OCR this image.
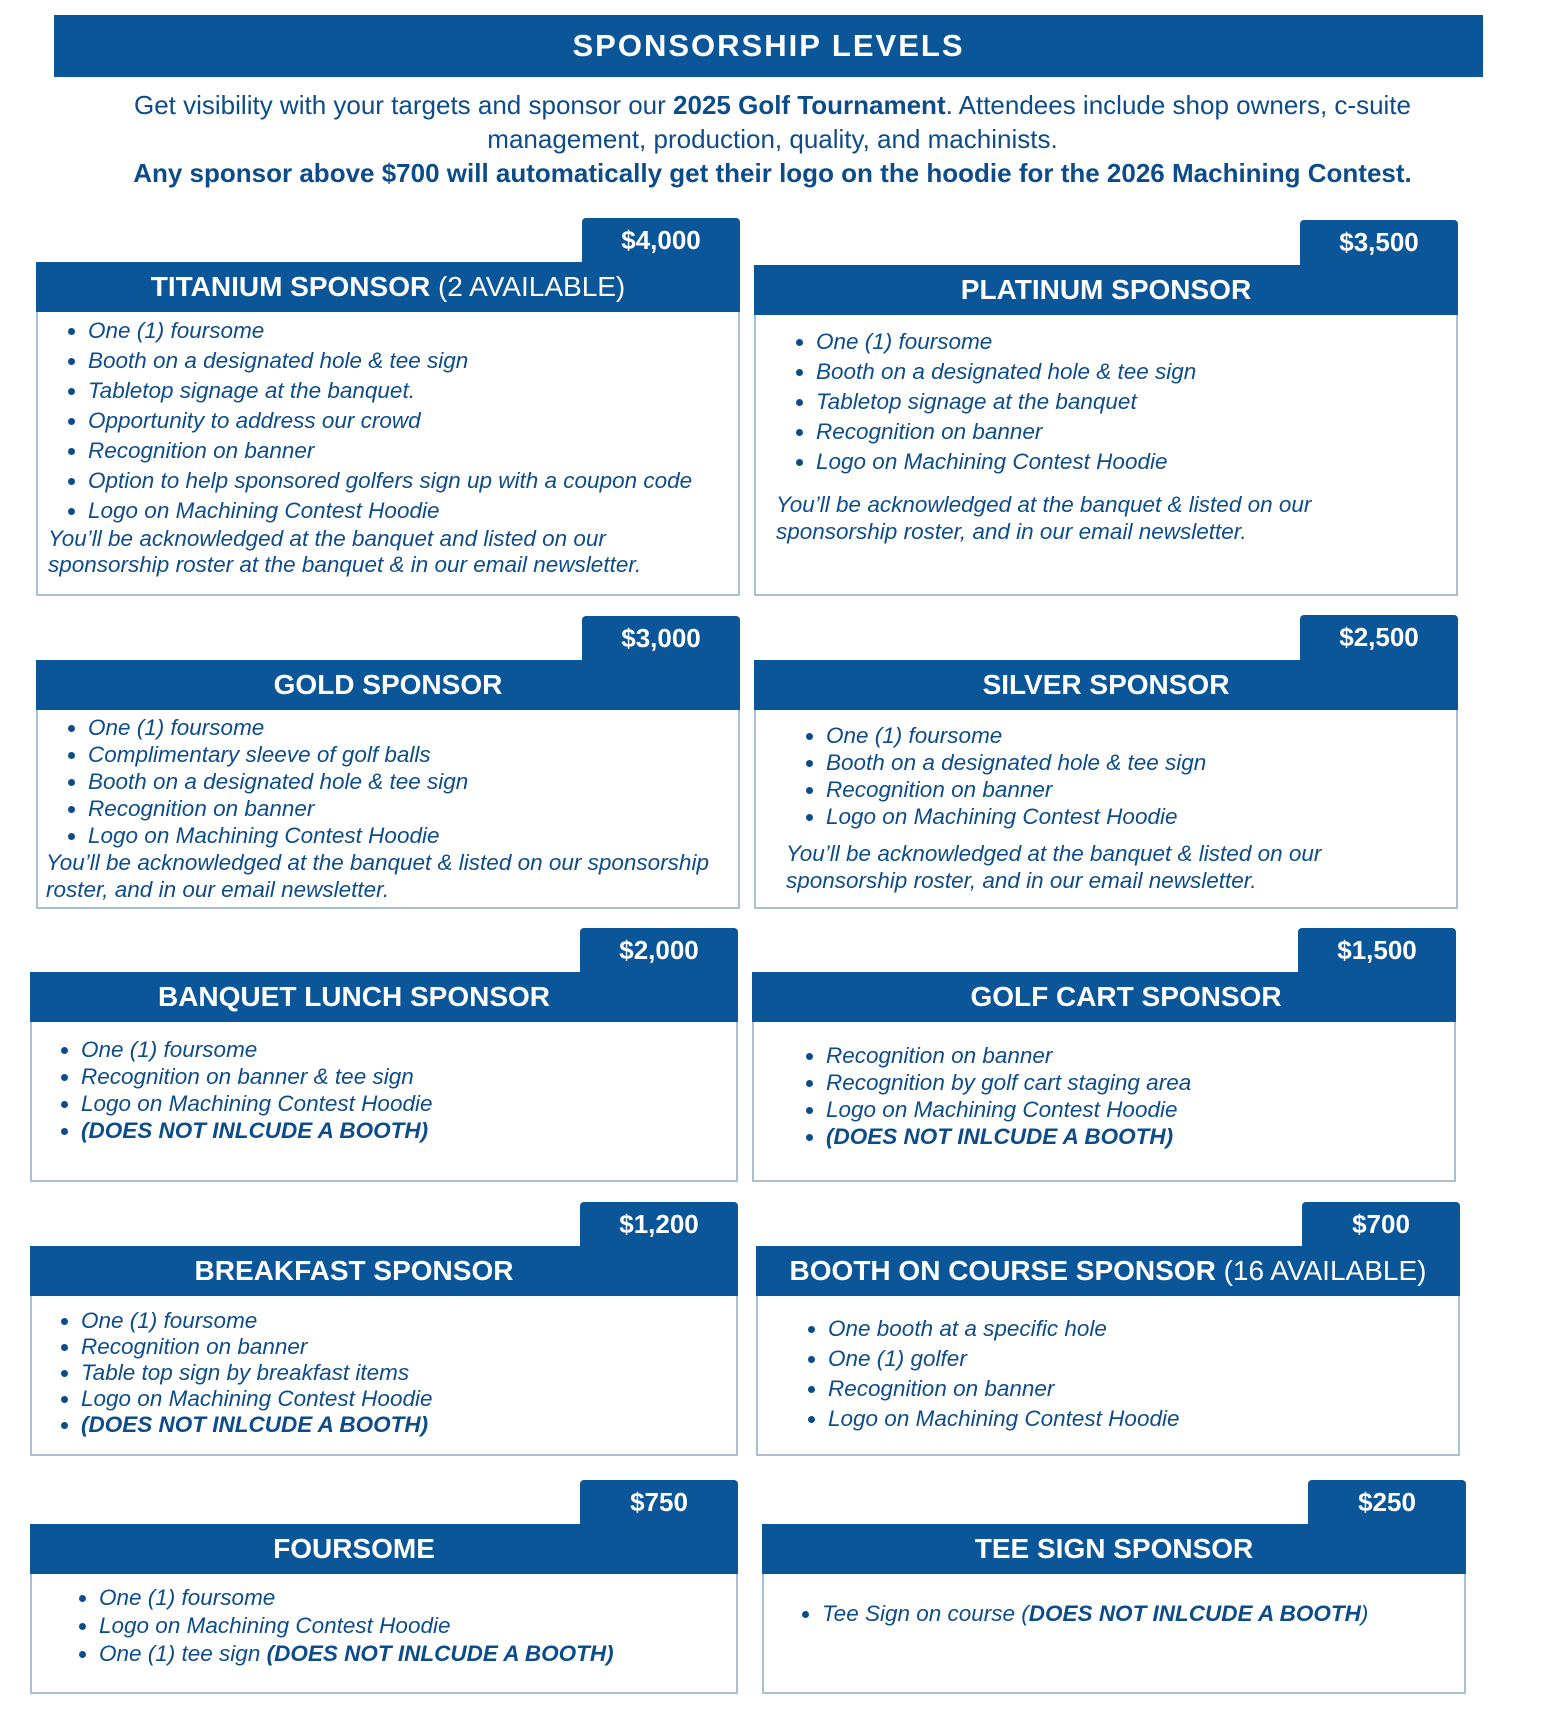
SPONSORSHIP LEVELS
Get visibility with your targets and sponsor our 2025 Golf Tournament. Attendees include shop owners, c-suite management, production, quality, and machinists.
Any sponsor above $700 will automatically get their logo on the hoodie for the 2026 Machining Contest.
$4,000
TITANIUM SPONSOR (2 AVAILABLE)
• One (1) foursome
• Booth on a designated hole & tee sign
• Tabletop signage at the banquet.
• Opportunity to address our crowd
• Recognition on banner
• Option to help sponsored golfers sign up with a coupon code
• Logo on Machining Contest Hoodie

You’ll be acknowledged at the banquet and listed on our sponsorship roster at the banquet & in our email newsletter.

$3,500
PLATINUM SPONSOR
• One (1) foursome
• Booth on a designated hole & tee sign
• Tabletop signage at the banquet
• Recognition on banner
• Logo on Machining Contest Hoodie

You’ll be acknowledged at the banquet & listed on our sponsorship roster, and in our email newsletter.

$3,000
GOLD SPONSOR
• One (1) foursome
• Complimentary sleeve of golf balls
• Booth on a designated hole & tee sign
• Recognition on banner
• Logo on Machining Contest Hoodie

You’ll be acknowledged at the banquet & listed on our sponsorship roster, and in our email newsletter.

$2,500
SILVER SPONSOR
• One (1) foursome
• Booth on a designated hole & tee sign
• Recognition on banner
• Logo on Machining Contest Hoodie

You’ll be acknowledged at the banquet & listed on our sponsorship roster, and in our email newsletter.

$2,000
BANQUET LUNCH SPONSOR
• One (1) foursome
• Recognition on banner & tee sign
• Logo on Machining Contest Hoodie
• (DOES NOT INLCUDE A BOOTH)
$1,500
GOLF CART SPONSOR
• Recognition on banner
• Recognition by golf cart staging area
• Logo on Machining Contest Hoodie
• (DOES NOT INLCUDE A BOOTH)
$1,200
BREAKFAST SPONSOR
• One (1) foursome
• Recognition on banner
• Table top sign by breakfast items
• Logo on Machining Contest Hoodie
• (DOES NOT INLCUDE A BOOTH)
$700
BOOTH ON COURSE SPONSOR (16 AVAILABLE)
• One booth at a specific hole
• One (1) golfer
• Recognition on banner
• Logo on Machining Contest Hoodie
$750
FOURSOME
• One (1) foursome
• Logo on Machining Contest Hoodie
• One (1) tee sign (DOES NOT INLCUDE A BOOTH)
$250
TEE SIGN SPONSOR
• Tee Sign on course (DOES NOT INLCUDE A BOOTH)
